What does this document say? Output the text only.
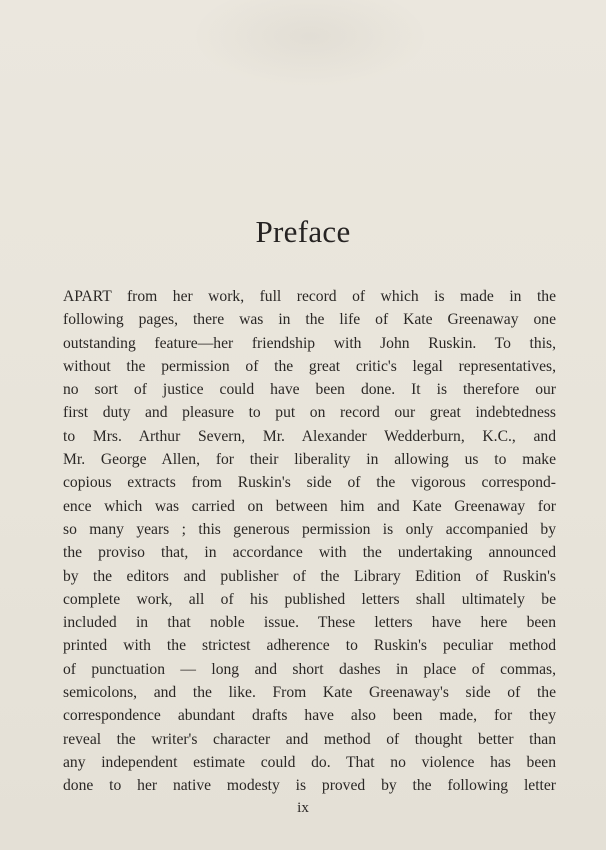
Preface
APART from her work, full record of which is made in the
following pages, there was in the life of Kate Greenaway one
outstanding feature—her friendship with John Ruskin. To this,
without the permission of the great critic's legal representatives,
no sort of justice could have been done. It is therefore our
first duty and pleasure to put on record our great indebtedness
to Mrs. Arthur Severn, Mr. Alexander Wedderburn, K.C., and
Mr. George Allen, for their liberality in allowing us to make
copious extracts from Ruskin's side of the vigorous correspond-
ence which was carried on between him and Kate Greenaway for
so many years ; this generous permission is only accompanied by
the proviso that, in accordance with the undertaking announced
by the editors and publisher of the Library Edition of Ruskin's
complete work, all of his published letters shall ultimately be
included in that noble issue. These letters have here been
printed with the strictest adherence to Ruskin's peculiar method
of punctuation — long and short dashes in place of commas,
semicolons, and the like. From Kate Greenaway's side of the
correspondence abundant drafts have also been made, for they
reveal the writer's character and method of thought better than
any independent estimate could do. That no violence has been
done to her native modesty is proved by the following letter
ix
